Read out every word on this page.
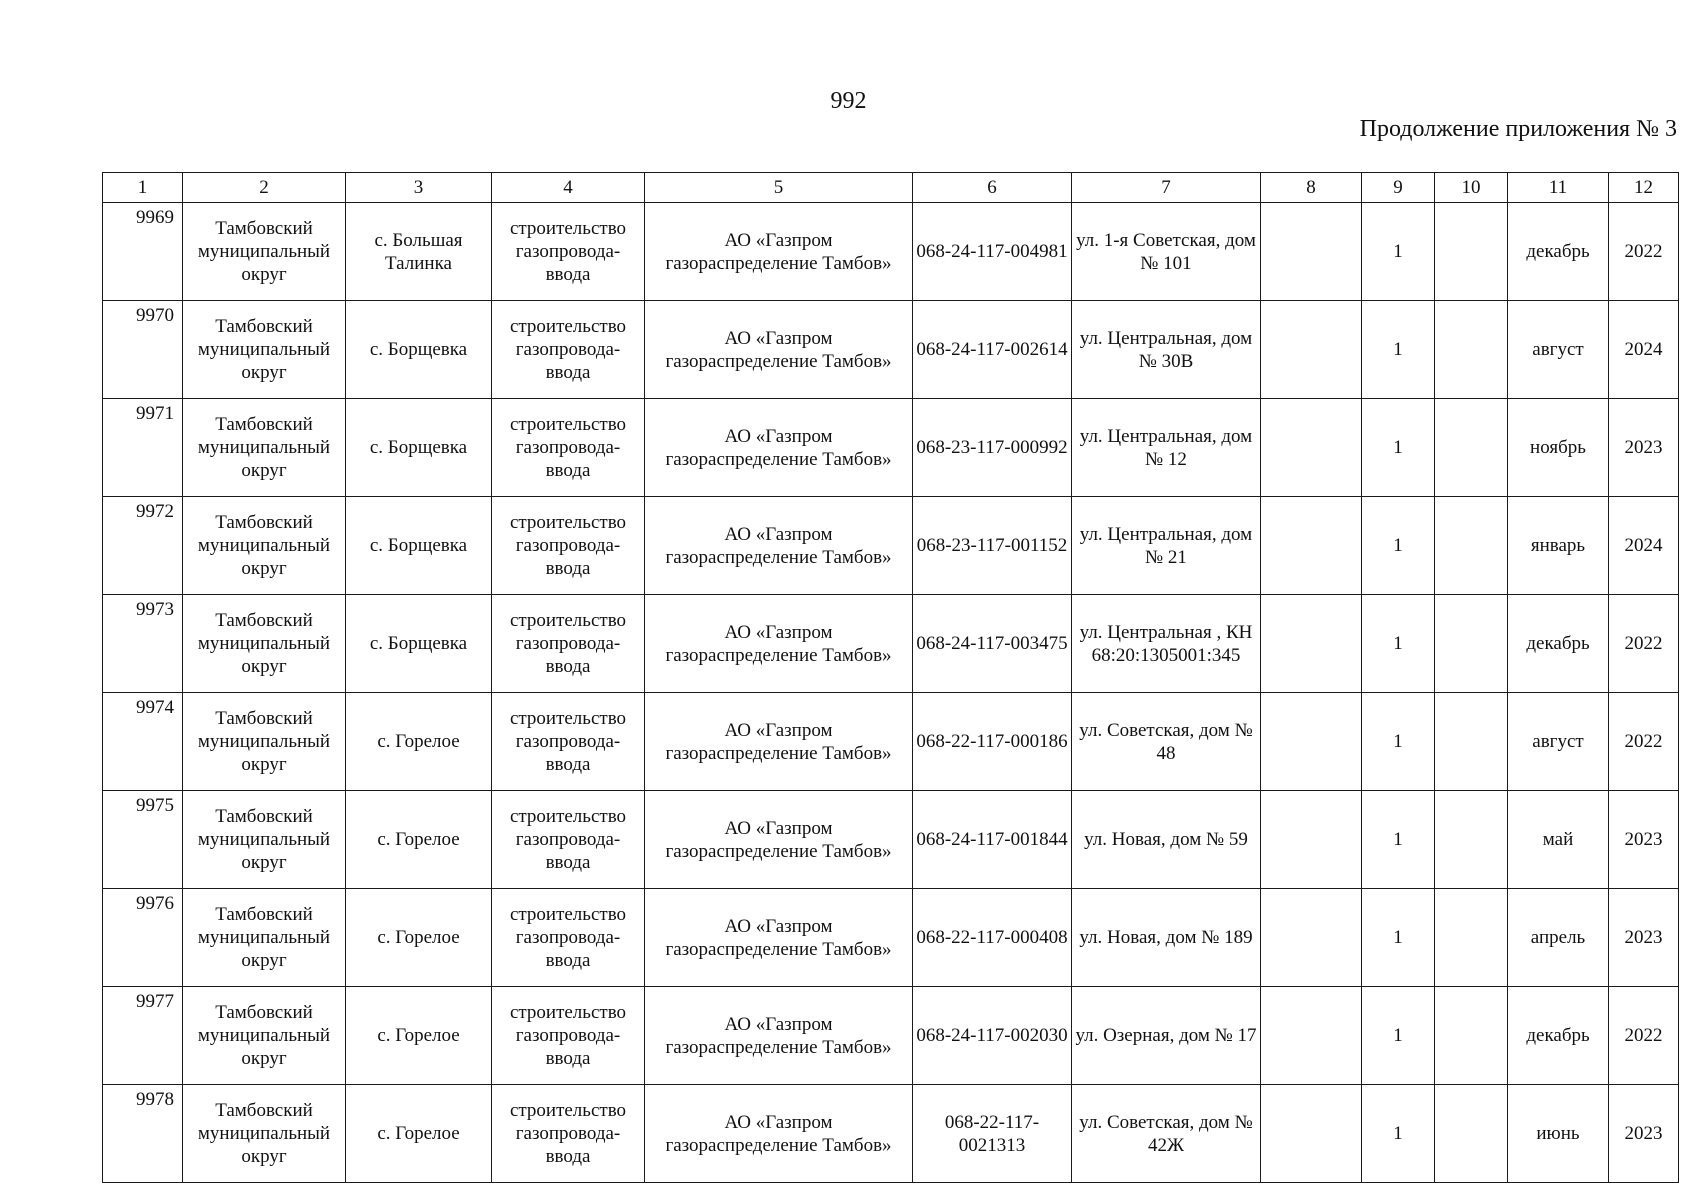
992
Продолжение приложения № 3
1	2	3	4	5	6	7	8	9	10	11	12
9969	Тамбовский муниципальный округ	с. Большая Талинка	строительство газопровода-ввода	АО «Газпром газораспределение Тамбов»	068-24-117-004981	ул. 1-я Советская, дом № 101		1		декабрь	2022
9970	Тамбовский муниципальный округ	с. Борщевка	строительство газопровода-ввода	АО «Газпром газораспределение Тамбов»	068-24-117-002614	ул. Центральная, дом № 30В		1		август	2024
9971	Тамбовский муниципальный округ	с. Борщевка	строительство газопровода-ввода	АО «Газпром газораспределение Тамбов»	068-23-117-000992	ул. Центральная, дом № 12		1		ноябрь	2023
9972	Тамбовский муниципальный округ	с. Борщевка	строительство газопровода-ввода	АО «Газпром газораспределение Тамбов»	068-23-117-001152	ул. Центральная, дом № 21		1		январь	2024
9973	Тамбовский муниципальный округ	с. Борщевка	строительство газопровода-ввода	АО «Газпром газораспределение Тамбов»	068-24-117-003475	ул. Центральная , КН 68:20:1305001:345		1		декабрь	2022
9974	Тамбовский муниципальный округ	с. Горелое	строительство газопровода-ввода	АО «Газпром газораспределение Тамбов»	068-22-117-000186	ул. Советская, дом № 48		1		август	2022
9975	Тамбовский муниципальный округ	с. Горелое	строительство газопровода-ввода	АО «Газпром газораспределение Тамбов»	068-24-117-001844	ул. Новая, дом № 59		1		май	2023
9976	Тамбовский муниципальный округ	с. Горелое	строительство газопровода-ввода	АО «Газпром газораспределение Тамбов»	068-22-117-000408	ул. Новая, дом № 189		1		апрель	2023
9977	Тамбовский муниципальный округ	с. Горелое	строительство газопровода-ввода	АО «Газпром газораспределение Тамбов»	068-24-117-002030	ул. Озерная, дом № 17		1		декабрь	2022
9978	Тамбовский муниципальный округ	с. Горелое	строительство газопровода-ввода	АО «Газпром газораспределение Тамбов»	068-22-117-0021313	ул. Советская, дом № 42Ж		1		июнь	2023
